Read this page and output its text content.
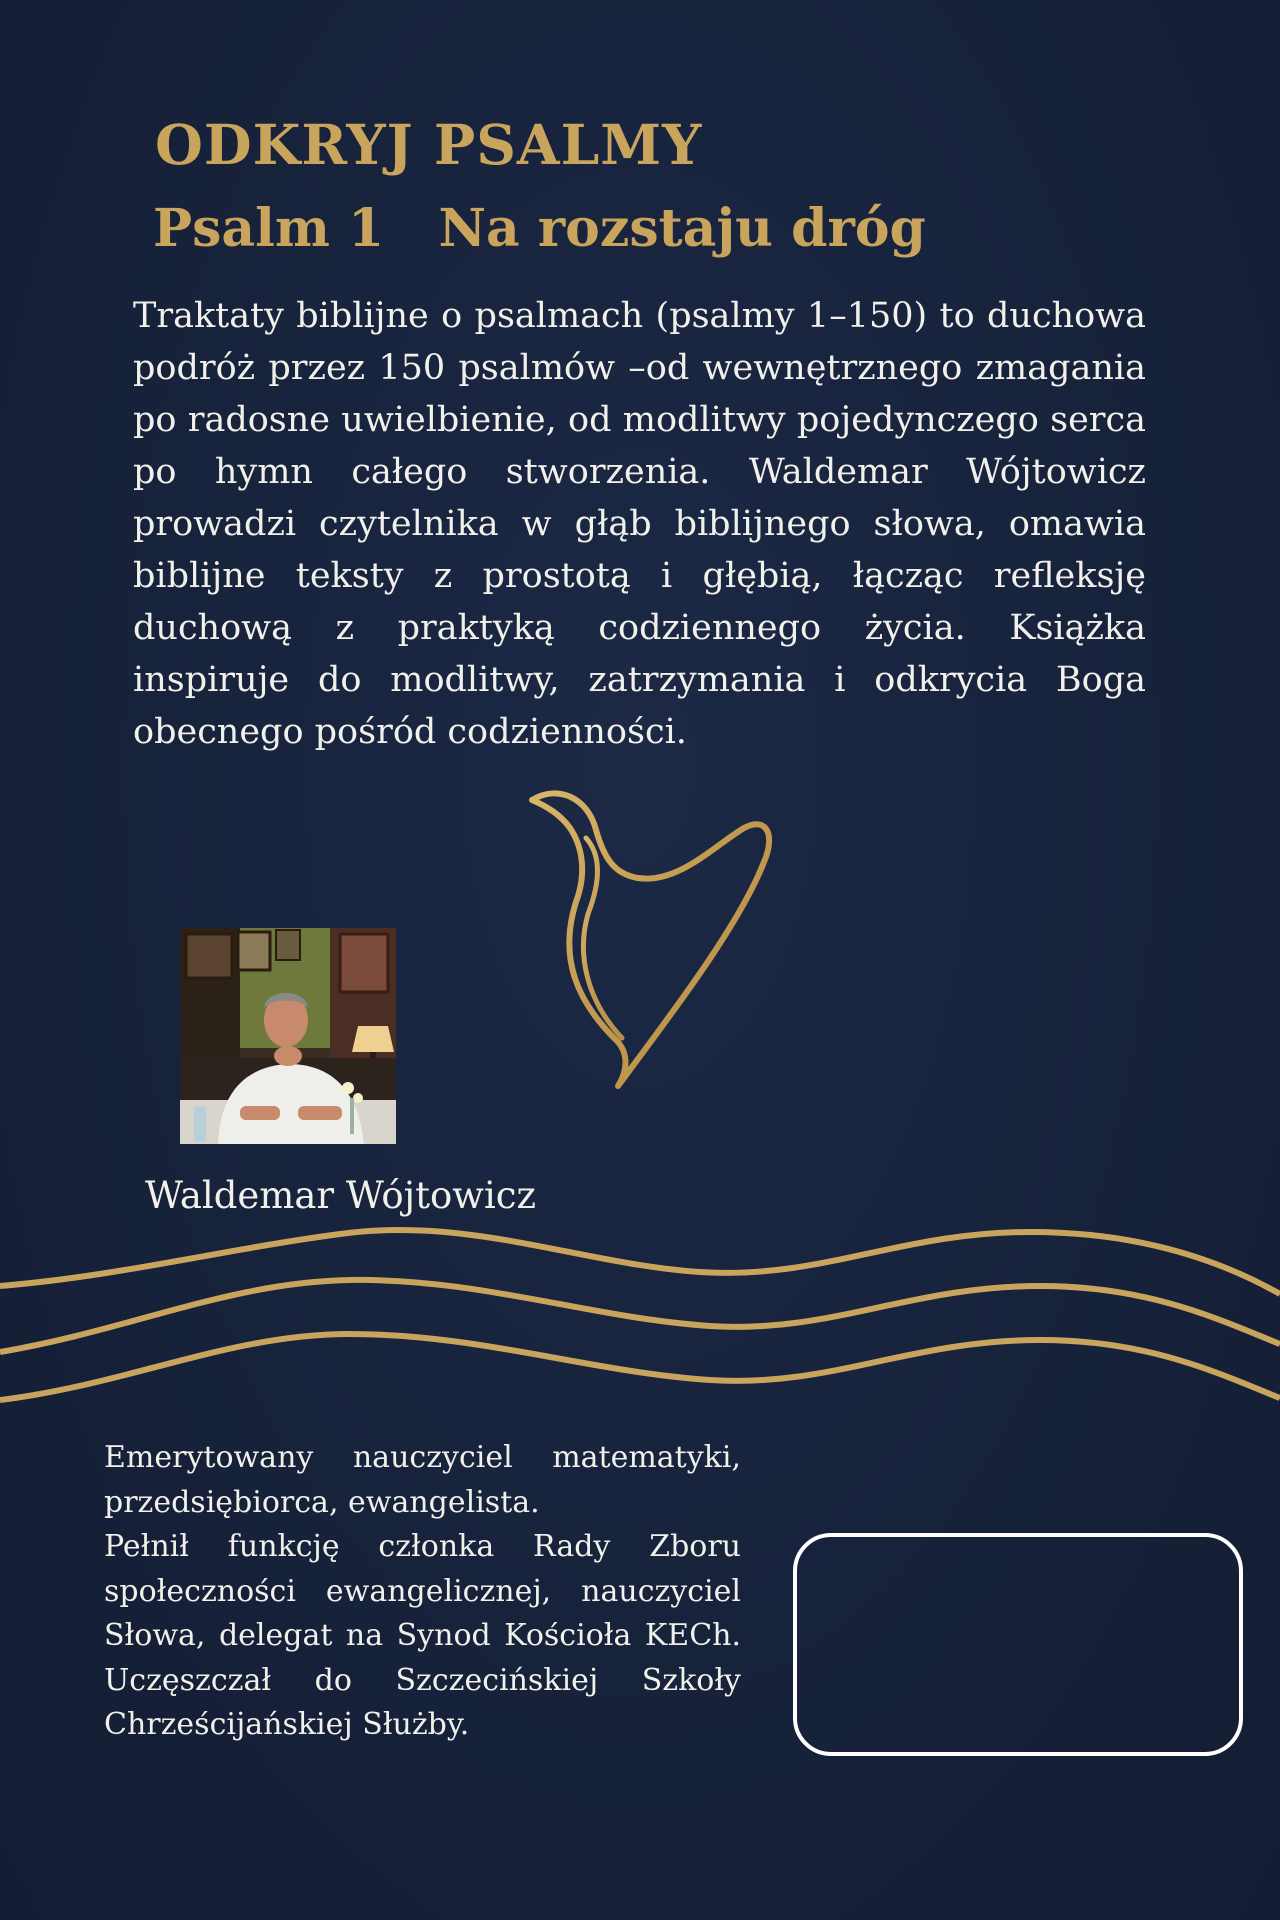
ODKRYJ PSALMY
Psalm 1   Na rozstaju dróg

Traktaty biblijne o psalmach (psalmy 1–150) to duchowa podróż przez 150 psalmów –od wewnętrznego zmagania po radosne uwielbienie, od modlitwy pojedynczego serca po hymn całego stworzenia. Waldemar Wójtowicz prowadzi czytelnika w głąb biblijnego słowa, omawia biblijne teksty z prostotą i głębią, łącząc refleksję duchową z praktyką codziennego życia. Książka inspiruje do modlitwy, zatrzymania i odkrycia Boga obecnego pośród codzienności.

Waldemar Wójtowicz

Emerytowany nauczyciel matematyki, przedsiębiorca, ewangelista.

Pełnił funkcję członka Rady Zboru społeczności ewangelicznej, nauczyciel Słowa, delegat na Synod Kościoła KECh. Uczęszczał do Szczecińskiej Szkoły Chrześcijańskiej Służby.
